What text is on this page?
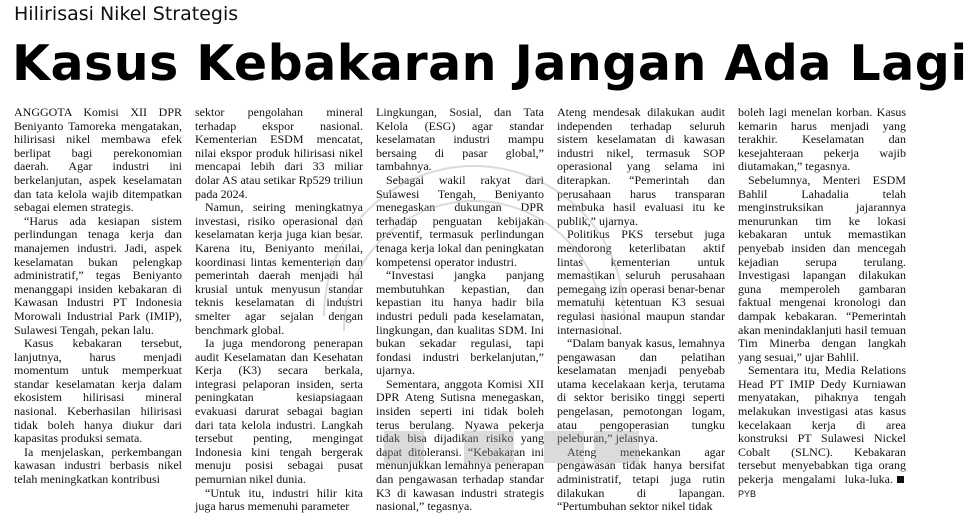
Hilirisasi Nikel Strategis
Kasus Kebakaran Jangan Ada Lagi

ANGGOTA Komisi XII DPR Beniyanto Tamoreka mengatakan, hilirisasi nikel membawa efek berlipat bagi perekonomian daerah. Agar industri ini berkelanjutan, aspek keselamatan dan tata kelola wajib ditempatkan sebagai elemen strategis.

“Harus ada kesiapan sistem perlindungan tenaga kerja dan manajemen industri. Jadi, aspek keselamatan bukan pelengkap administratif,” tegas Beniyanto menanggapi insiden kebakaran di Kawasan Industri PT Indonesia Morowali Industrial Park (IMIP), Sulawesi Tengah, pekan lalu.

Kasus kebakaran tersebut, lanjutnya, harus menjadi momentum untuk memperkuat standar keselamatan kerja dalam ekosistem hilirisasi mineral nasional. Keberhasilan hilirisasi tidak boleh hanya diukur dari kapasitas produksi semata.

Ia menjelaskan, perkembangan kawasan industri berbasis nikel telah meningkatkan kontribusi

sektor pengolahan mineral terhadap ekspor nasional. Kementerian ESDM mencatat, nilai ekspor produk hilirisasi nikel mencapai lebih dari 33 miliar dolar AS atau setikar Rp529 triliun pada 2024.

Namun, seiring meningkatnya investasi, risiko operasional dan keselamatan kerja juga kian besar. Karena itu, Beniyanto menilai, koordinasi lintas kementerian dan pemerintah daerah menjadi hal krusial untuk menyusun standar teknis keselamatan di industri smelter agar sejalan dengan benchmark global.

Ia juga mendorong penerapan audit Keselamatan dan Kesehatan Kerja (K3) secara berkala, integrasi pelaporan insiden, serta peningkatan kesiapsiagaan evakuasi darurat sebagai bagian dari tata kelola industri. Langkah tersebut penting, mengingat Indonesia kini tengah bergerak menuju posisi sebagai pusat pemurnian nikel dunia.

“Untuk itu, industri hilir kita juga harus memenuhi parameter

Lingkungan, Sosial, dan Tata Kelola (ESG) agar standar keselamatan industri mampu bersaing di pasar global,” tambahnya.

Sebagai wakil rakyat dari Sulawesi Tengah, Beniyanto menegaskan dukungan DPR terhadap penguatan kebijakan preventif, termasuk perlindungan tenaga kerja lokal dan peningkatan kompetensi operator industri.

“Investasi jangka panjang membutuhkan kepastian, dan kepastian itu hanya hadir bila industri peduli pada keselamatan, lingkungan, dan kualitas SDM. Ini bukan sekadar regulasi, tapi fondasi industri berkelanjutan,” ujarnya.

Sementara, anggota Komisi XII DPR Ateng Sutisna menegaskan, insiden seperti ini tidak boleh terus berulang. Nyawa pekerja tidak bisa dijadikan risiko yang dapat ditoleransi. “Kebakaran ini menunjukkan lemahnya penerapan dan pengawasan terhadap standar K3 di kawasan industri strategis nasional,” tegasnya.

Ateng mendesak dilakukan audit independen terhadap seluruh sistem keselamatan di kawasan industri nikel, termasuk SOP operasional yang selama ini diterapkan. “Pemerintah dan perusahaan harus transparan membuka hasil evaluasi itu ke publik,” ujarnya.

Politikus PKS tersebut juga mendorong keterlibatan aktif lintas kementerian untuk memastikan seluruh perusahaan pemegang izin operasi benar-benar mematuhi ketentuan K3 sesuai regulasi nasional maupun standar internasional.

“Dalam banyak kasus, lemahnya pengawasan dan pelatihan keselamatan menjadi penyebab utama kecelakaan kerja, terutama di sektor berisiko tinggi seperti pengelasan, pemotongan logam, atau pengoperasian tungku peleburan,” jelasnya.

Ateng menekankan agar pengawasan tidak hanya bersifat administratif, tetapi juga rutin dilakukan di lapangan. “Pertumbuhan sektor nikel tidak

boleh lagi menelan korban. Kasus kemarin harus menjadi yang terakhir. Keselamatan dan kesejahteraan pekerja wajib diutamakan,” tegasnya.

Sebelumnya, Menteri ESDM Bahlil Lahadalia telah menginstruksikan jajarannya menurunkan tim ke lokasi kebakaran untuk memastikan penyebab insiden dan mencegah kejadian serupa terulang. Investigasi lapangan dilakukan guna memperoleh gambaran faktual mengenai kronologi dan dampak kebakaran. “Pemerintah akan menindaklanjuti hasil temuan Tim Minerba dengan langkah yang sesuai,” ujar Bahlil.

Sementara itu, Media Relations Head PT IMIP Dedy Kurniawan menyatakan, pihaknya tengah melakukan investigasi atas kasus kecelakaan kerja di area konstruksi PT Sulawesi Nickel Cobalt (SLNC). Kebakaran tersebut menyebabkan tiga orang pekerja mengalami luka-luka.PYB
